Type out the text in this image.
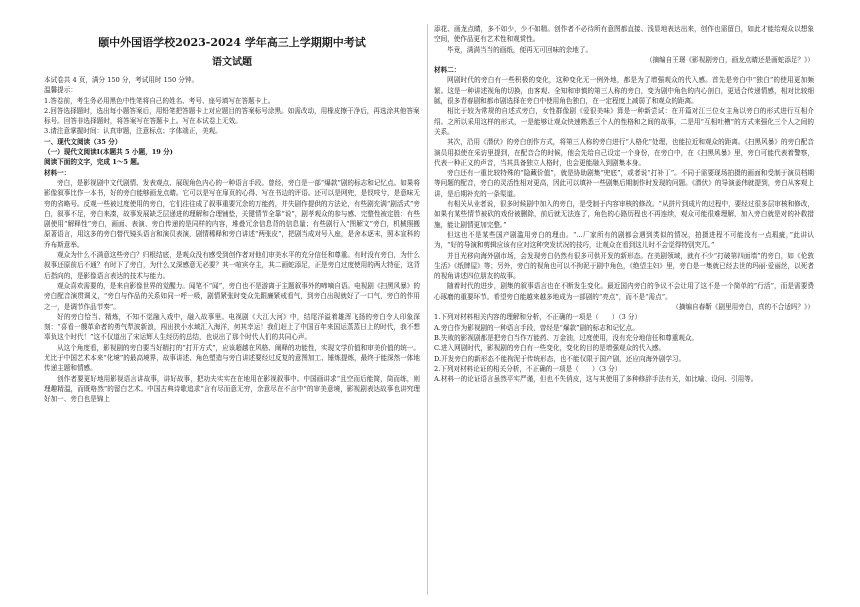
颐中外国语学校2023-2024 学年高三上学期期中考试
语文试题

本试卷共 4 页，满分 150 分，考试用时 150 分钟。

温馨提示：

1.答卷前，考生务必用黑色中性笔将自己的姓名、考号、座号填写在答题卡上。

2.回答选择题时，选出每小题答案后，用铅笔把答题卡上对应题目的答案标号涂黑。如需改动，用橡皮擦干净后，再选涂其他答案标号。回答非选择题时，将答案写在答题卡上。写在本试卷上无效。

3.请注意掌握时间：认真审题，注意标点；字体端正，美观。

一、现代文阅读（35 分）

（一）现代文阅读Ⅰ(本题共 5 小题，19 分)

阅读下面的文字，完成 1～5 题。

材料一：

旁白，是影视剧中文代剧情、发表观点、展现角色内心的一种语言手段。曾经，旁白是一部“爆款”剧的标志和记忆点。如果将影像叙事比作一本书，好的旁白能够画龙点睛。它可以是写在扉页的心得、写在书边的评语。还可以是网兜，是钗吱兮，是意味无穷的省略号。反观一些被过度使用的旁白，它们往往成了叙事重要冗余的万能药，并失剧作提供的方法论，有些剧充满“剧活式”旁白，叙事不足，旁白来凑，故事发展缺乏层递进的理解和合理铺垫，关键情节全靠“说”，剧孝观众的参与感、完整性被定胜：有些剧使用“解释性”旁白，画面、表演、旁白传递的是同样的内容，堆叠冗余信息背的信息量；有些剧行入“图解文”旁白，机械照搬原著语言，用这多的旁白替代镜头语言和演员表演，剧情稀释和旁白讲述“两张皮”，把剧当成对号入座，是舍本逐末，照本宣科的乔布斯意举。

观众为什么不满意这些旁白？归根结底，是观众没有感受到创作者对他们审美水平的充分信任和尊重。有时没有旁白，为什么叙事还原前后不通？有时下了旁白，为什么又深感意无必要？其一喧宾夺主，其二画蛇添足，正是旁白过度使用的两大特征，这背后指向的，是影像语言表达的技术与能力。

观众喜欢需要的，是来自影像世界的觉醒力。闻笔不“闻”，旁白也不是游离于主题叙事外的啼嘀自语。电视剧《扫黑风暴》的旁白配音演贯调义，“旁白与作品的关系如同一呼一吸，剧情紧张时变众先跟廉紧戒看气，到旁白出现就好了一口气，旁白的作用之一，是调节作品节奏”。

好的旁白恰当、精炼，不知不觉融入戏中，融入故事里。电视剧《大江大河》中，结尾洋溢着雄浑飞扬的旁白令人印象深刻：“喜看一艘革命者的勇气犁波新浪，闯出狭小水域汇入海洋，何其幸运！我们赶上了中国百年来国运蒸蒸日上的时代，我不想辜负这个时代！”这不仅道出了宋运辉人生经历的总结，也说出了那个时代人们的共同心声。

从这个角度看，影视剧的旁白要当好精打的“打开方式”，应该超越在风格、阐释的功能性，实现文学价值和审美价值的统一。尤比于中国艺术本来“化境”的最高境界，故事讲述、角色塑造与旁白讲述要经过反复的意图加工、锤炼提炼，最终于能深然一体地传递主题和情感。

创作者要更好地用影视语言讲故事，讲好故事，把功夫实实在在地用在影视叙事中。中国画讲求“且空而后能简，筒而练，则理趣精温，而既咯然”的留白艺术。中国古典诗歌追求“言有尽而意无穷，余意尽在不言中”的审美意境，影视剧表达故事也讲究理好加一、旁白也是锦上

添花、画龙点睛，多不如少，少不如精。创作者不必待所有意图都直接、浅显地表达出来，创作也需留白，如此才能给观众以想象空间，使作品更有艺术性和观赏性。

毕竟，满满当当的画纸，便再无可回味的余地了。

（摘编自王璟《影视剧旁白，画龙点睛还是画蛇添足？》）

材料二：

网剧时代的旁白有一些积极的变化，这种变化无一例外地，都是为了增强观众的代入感。首先是旁白中“独白”的使用更加频繁。这是一种讲述视角的切换，由客观、全知和审慎的第三人称的旁白，变为剧中角色的内心剖白，更适合传递情感，相对比较细腻，很多青春剧和都市剧选择在旁白中使用角色独白，在一定程度上减弱了和观众的距离。

相比于较为常规的自述式旁白，女性群像剧《爱很美味》算是一种新尝试：在开篇对江三位女主角以旁白的形式进行互相介绍。之所以采用这样的形式，一是能够让观众快速熟悉三个人的性格和之间的故事，二是用“互相吐槽”的方式来强化三个人之间的关系。

其次，沿用《潜伏》的旁白创作方式，将第三人称的旁白进行“人格化”处理，也能拉近和观众的距离。《扫黑风暴》的旁白配音演员用拟使在采访里提到，在配音合的时候，他会先给自己设定一个身份，在旁白中，在《扫黑风暴》里，旁白可能代表着警察，代表一种正义的声音，当其具备独立人格时，也会更能融入到剧集本身。

旁白还有一重比较特殊的“隐藏价值”，就是协助剧集“兜底”，或者说“打补丁”。不同于需要现场拍摄的画面和受制于演员档期等问题的配音，旁白的灵活性相对更高，因此可以填补一些剧集后期制作时发现的问题。《潜伏》的导演姜伟就提到，旁白从客观上讲，是后期补充的一条渠道。

有相关从业者说，很多时候剧中加入的旁白，是受制于内容审核的修改。“从拼片到成片的过程中，要经过很多层审核和修改，如果有某些情节被砍的戏份被删除，前后就无法连了，角色的心路历程也不再连续，观众可能很难理解，加入旁白就是对的补救措施，能让剧情更加完整。”

但这也不是某些国产剧滥用旁白的理由。“...厂家所有的剧都会遇到类似的情况，拍摄进程不可能没有一点瑕疵，”此讲认为，“好的导演和剪辑应该有应对这种突发状况的技巧，让观众在看到这儿时不会觉得特别突兀。”

并目光移向海外剧市场，会发现旁白仍然有很多可供开发的新形态。在美剧领域，就有不少“打破第四面墙”的旁白，如《伦敦生活》《纸牌屋》等；另外，旁白的视角也可以不拘泥于剧中角色，《绝望主妇》里，旁白是一集就已经去世的玛丽·爱丽丝，以死者的视角讲述四位朋友的故事。

随着时代的进步，剧集的叙事语言也在不断发生变化。最近国内旁白的争议不会让用了这不是一个简单的“行活”，而是需要费心琢磨的重要环节。希望旁白能越来越多地成为一部剧的“亮点”，而不是“需点”。

（摘编自春靳《剧里用旁白，真的不合适吗？》）

1.下列对材料相关内容的理解和分析，不正确的一项是（　　）（3 分）

A.旁白作为影视剧的一种语言手段，曾经是“爆款”剧的标志和记忆点。

B.失败的影视剧都是把旁白当作万能药、万金油，过度使用，没有充分地信任和尊重观众。

C.进入网剧时代，影视剧的旁白有一些变化，变化的目的是增强观众的代入感。

D.开发旁白的新形态不能拘泥于传统形态，也不能仅限于国产剧，还应向海外剧学习。

2.下列对材料论证的相关分析，不正确的一项是（　　）（3 分）

A.材料一的论证语言虽然平实严谨，但也不失俏皮，这与其使用了多种修辞手法有关，如比喻、设问、引用等。
